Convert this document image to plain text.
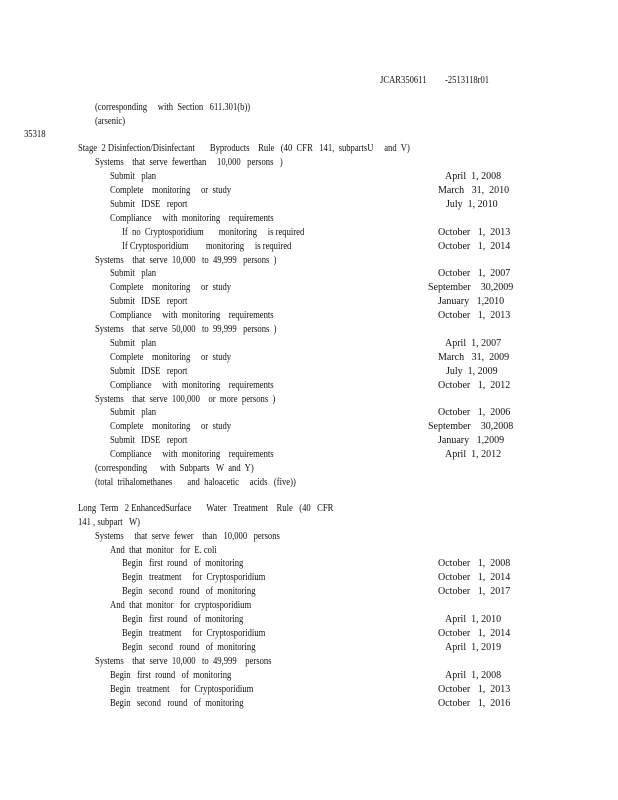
JCAR350611 -2513118r01
(corresponding     with  Section   611.301(b))
(arsenic)
35318
Stage  2 Disinfection/Disinfectant       Byproducts    Rule   (40  CFR   141,  subpartsU     and  V)
Systems    that  serve  fewerthan     10,000   persons   )
Submit   plan	April  1, 2008
Complete    monitoring     or  study	March   31,  2010
Submit   IDSE   report	July  1, 2010
Compliance     with  monitoring    requirements
If  no  Cryptosporidium       monitoring     is required	October   1,  2013
If Cryptosporidium        monitoring     is required	October   1,  2014
Systems    that  serve  10,000   to  49,999   persons  )
Submit   plan	October   1,  2007
Complete    monitoring     or  study	September    30,2009
Submit   IDSE   report	January   1,2010
Compliance     with  monitoring    requirements	October   1,  2013
Systems    that  serve  50,000   to  99,999   persons  )
Submit   plan	April  1, 2007
Complete    monitoring     or  study	March   31,  2009
Submit   IDSE   report	July  1, 2009
Compliance     with  monitoring    requirements	October   1,  2012
Systems    that  serve  100,000    or  more  persons  )
Submit   plan	October   1,  2006
Complete    monitoring     or  study	September    30,2008
Submit   IDSE   report	January   1,2009
Compliance     with  monitoring    requirements	April  1, 2012
(corresponding      with  Subparts   W  and  Y)
(total  trihalomethanes       and  haloacetic     acids   (five))
Long  Term   2 EnhancedSurface       Water   Treatment    Rule   (40   CFR
141 , subpart   W)
Systems     that  serve  fewer    than   10,000   persons
And  that  monitor   for  E. coli
Begin   first  round   of  monitoring	October   1,  2008
Begin   treatment     for  Cryptosporidium	October   1,  2014
Begin   second   round   of  monitoring	October   1,  2017
And  that  monitor   for  cryptosporidium
Begin   first  round   of  monitoring	April  1, 2010
Begin   treatment     for  Cryptosporidium	October   1,  2014
Begin   second   round   of  monitoring	April  1, 2019
Systems    that  serve  10,000   to  49,999    persons
Begin   first  round   of  monitoring	April  1, 2008
Begin   treatment     for  Cryptosporidium	October   1,  2013
Begin   second   round   of  monitoring	October   1,  2016
